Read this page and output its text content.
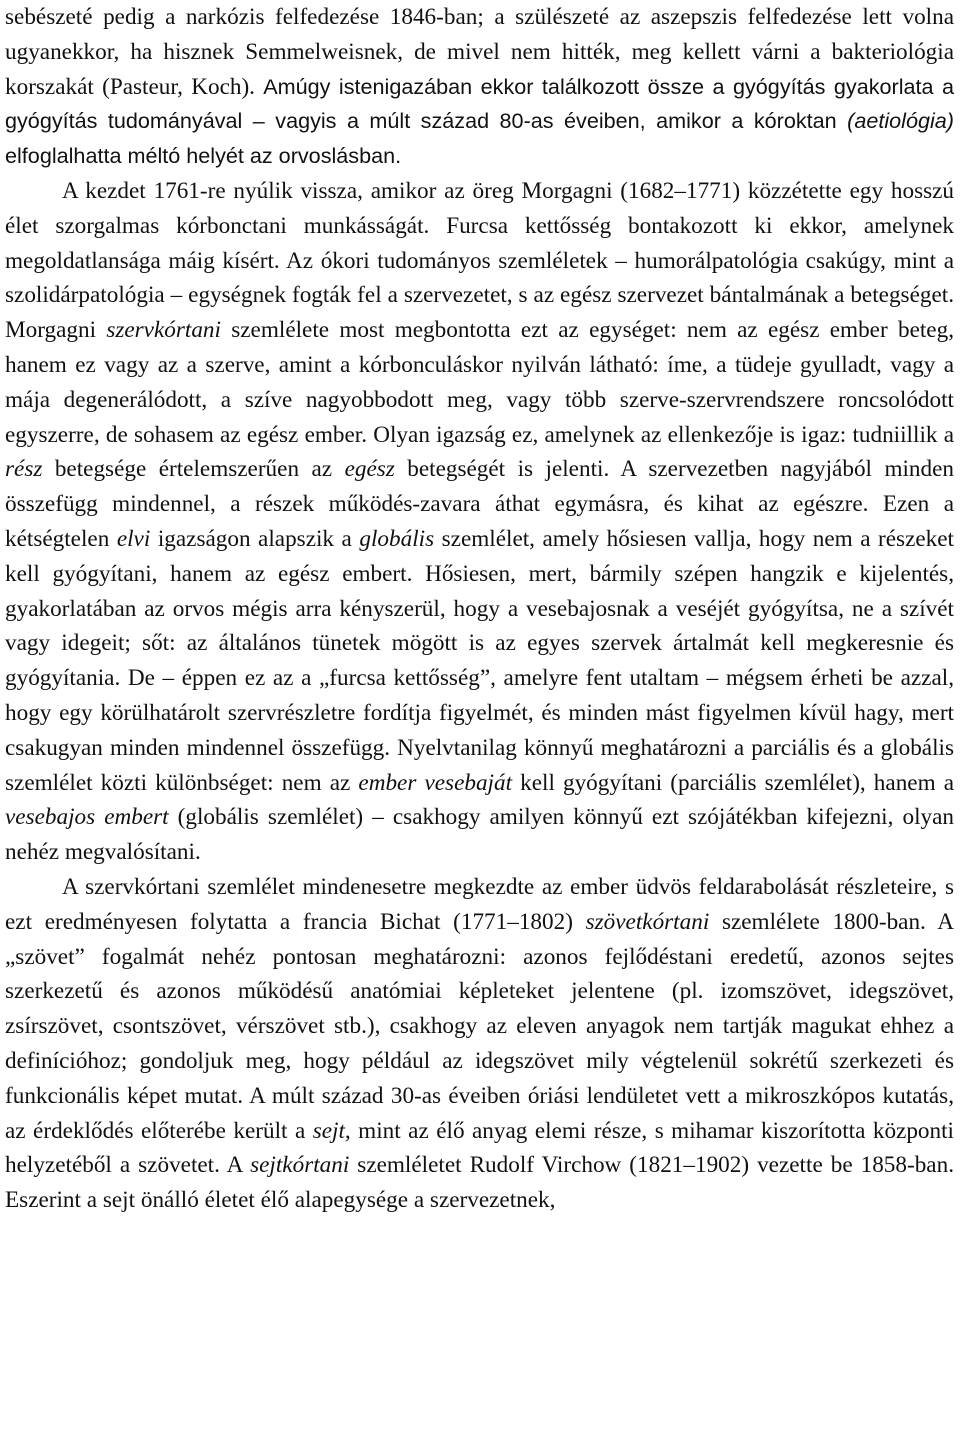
sebészeté pedig a narkózis felfedezése 1846-ban; a szülészeté az aszepszis felfedezése lett volna ugyanekkor, ha hisznek Semmelweisnek, de mivel nem hitték, meg kellett várni a bakteriológia korszakát (Pasteur, Koch). Amúgy istenigazában ekkor találkozott össze a gyógyítás gyakorlata a gyógyítás tudományával – vagyis a múlt század 80-as éveiben, amikor a kóroktan (aetiológia) elfoglalhatta méltó helyét az orvoslásban.

A kezdet 1761-re nyúlik vissza, amikor az öreg Morgagni (1682–1771) közzétette egy hosszú élet szorgalmas kórbonctani munkásságát. Furcsa kettősség bontakozott ki ekkor, amelynek megoldatlansága máig kísért. Az ókori tudományos szemléletek – humorálpatológia csakúgy, mint a szolidárpatológia – egységnek fogták fel a szervezetet, s az egész szervezet bántalmának a betegséget. Morgagni szervkórtani szemlélete most megbontotta ezt az egységet: nem az egész ember beteg, hanem ez vagy az a szerve, amint a kórbonculáskor nyilván látható: íme, a tüdeje gyulladt, vagy a mája degenerálódott, a szíve nagyobbodott meg, vagy több szerve-szervrendszere roncsolódott egyszerre, de sohasem az egész ember. Olyan igazság ez, amelynek az ellenkezője is igaz: tudniillik a rész betegsége értelemszerűen az egész betegségét is jelenti. A szervezetben nagyjából minden összefügg mindennel, a részek működés-zavara áthat egymásra, és kihat az egészre. Ezen a kétségtelen elvi igazságon alapszik a globális szemlélet, amely hősiesen vallja, hogy nem a részeket kell gyógyítani, hanem az egész embert. Hősiesen, mert, bármily szépen hangzik e kijelentés, gyakorlatában az orvos mégis arra kényszerül, hogy a vesebajosnak a veséjét gyógyítsa, ne a szívét vagy idegeit; sőt: az általános tünetek mögött is az egyes szervek ártalmát kell megkeresnie és gyógyítania. De – éppen ez az a „furcsa kettősség”, amelyre fent utaltam – mégsem érheti be azzal, hogy egy körülhatárolt szervrészletre fordítja figyelmét, és minden mást figyelmen kívül hagy, mert csakugyan minden mindennel összefügg. Nyelvtanilag könnyű meghatározni a parciális és a globális szemlélet közti különbséget: nem az ember vesebaját kell gyógyítani (parciális szemlélet), hanem a vesebajos embert (globális szemlélet) – csakhogy amilyen könnyű ezt szójátékban kifejezni, olyan nehéz megvalósítani.

A szervkórtani szemlélet mindenesetre megkezdte az ember üdvös feldarabolását részleteire, s ezt eredményesen folytatta a francia Bichat (1771–1802) szövetkórtani szemlélete 1800-ban. A „szövet” fogalmát nehéz pontosan meghatározni: azonos fejlődéstani eredetű, azonos sejtes szerkezetű és azonos működésű anatómiai képleteket jelentene (pl. izomszövet, idegszövet, zsírszövet, csontszövet, vérszövet stb.), csakhogy az eleven anyagok nem tartják magukat ehhez a definícióhoz; gondoljuk meg, hogy például az idegszövet mily végtelenül sokrétű szerkezeti és funkcionális képet mutat. A múlt század 30-as éveiben óriási lendületet vett a mikroszkópos kutatás, az érdeklődés előterébe került a sejt, mint az élő anyag elemi része, s mihamar kiszorította központi helyzetéből a szövetet. A sejtkórtani szemléletet Rudolf Virchow (1821–1902) vezette be 1858-ban. Eszerint a sejt önálló életet élő alapegysége a szervezetnek,
